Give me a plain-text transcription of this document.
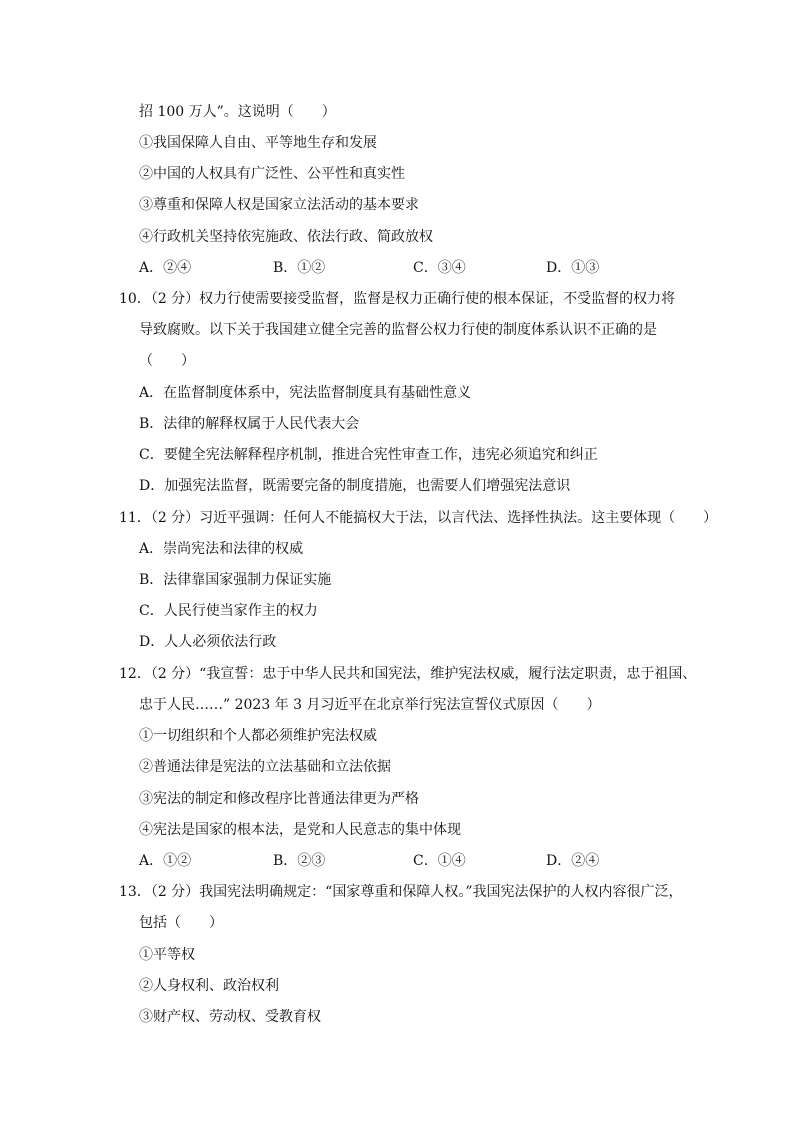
招 100 万人”。这说明（　　）
①我国保障人自由、平等地生存和发展
②中国的人权具有广泛性、公平性和真实性
③尊重和保障人权是国家立法活动的基本要求
④行政机关坚持依宪施政、依法行政、简政放权
A．②④	B．①②	C．③④	D．①③
10．（2 分）权力行使需要接受监督，监督是权力正确行使的根本保证，不受监督的权力将
导致腐败。以下关于我国建立健全完善的监督公权力行使的制度体系认识不正确的是
（　　）
A．在监督制度体系中，宪法监督制度具有基础性意义
B．法律的解释权属于人民代表大会
C．要健全宪法解释程序机制，推进合宪性审查工作，违宪必须追究和纠正
D．加强宪法监督，既需要完备的制度措施，也需要人们增强宪法意识
11．（2 分）习近平强调：任何人不能搞权大于法，以言代法、选择性执法。这主要体现（　　）
A．崇尚宪法和法律的权威
B．法律靠国家强制力保证实施
C．人民行使当家作主的权力
D．人人必须依法行政
12．（2 分）“我宣誓：忠于中华人民共和国宪法，维护宪法权威，履行法定职责，忠于祖国、
忠于人民……” 2023 年 3 月习近平在北京举行宪法宣誓仪式原因（　　）
①一切组织和个人都必须维护宪法权威
②普通法律是宪法的立法基础和立法依据
③宪法的制定和修改程序比普通法律更为严格
④宪法是国家的根本法，是党和人民意志的集中体现
A．①②	B．②③	C．①④	D．②④
13．（2 分）我国宪法明确规定：“国家尊重和保障人权。”我国宪法保护的人权内容很广泛，
包括（　　）
①平等权
②人身权利、政治权利
③财产权、劳动权、受教育权
